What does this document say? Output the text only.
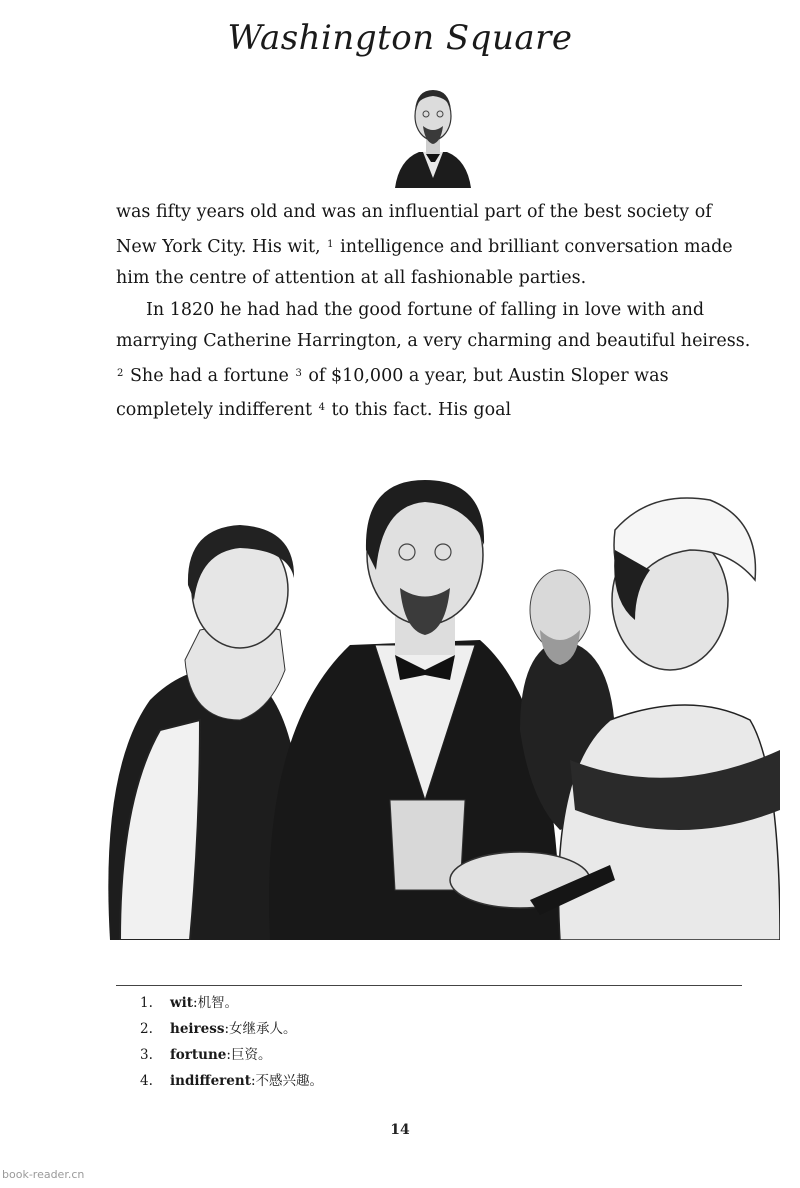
Washington Square

was fifty years old and was an influential part of the best society of New York City. His wit, $^1$ intelligence and brilliant conversation made him the centre of attention at all fashionable parties.

In 1820 he had had the good fortune of falling in love with and marrying Catherine Harrington, a very charming and beautiful heiress. $^2$ She had a fortune $^3$ of $10,000 a year, but Austin Sloper was completely indifferent $^4$ to this fact. His goal

1.	wit : 机智。
2.	heiress : 女继承人。
3.	fortune : 巨资。
4.	indifferent : 不感兴趣。
14
book-reader.cn
